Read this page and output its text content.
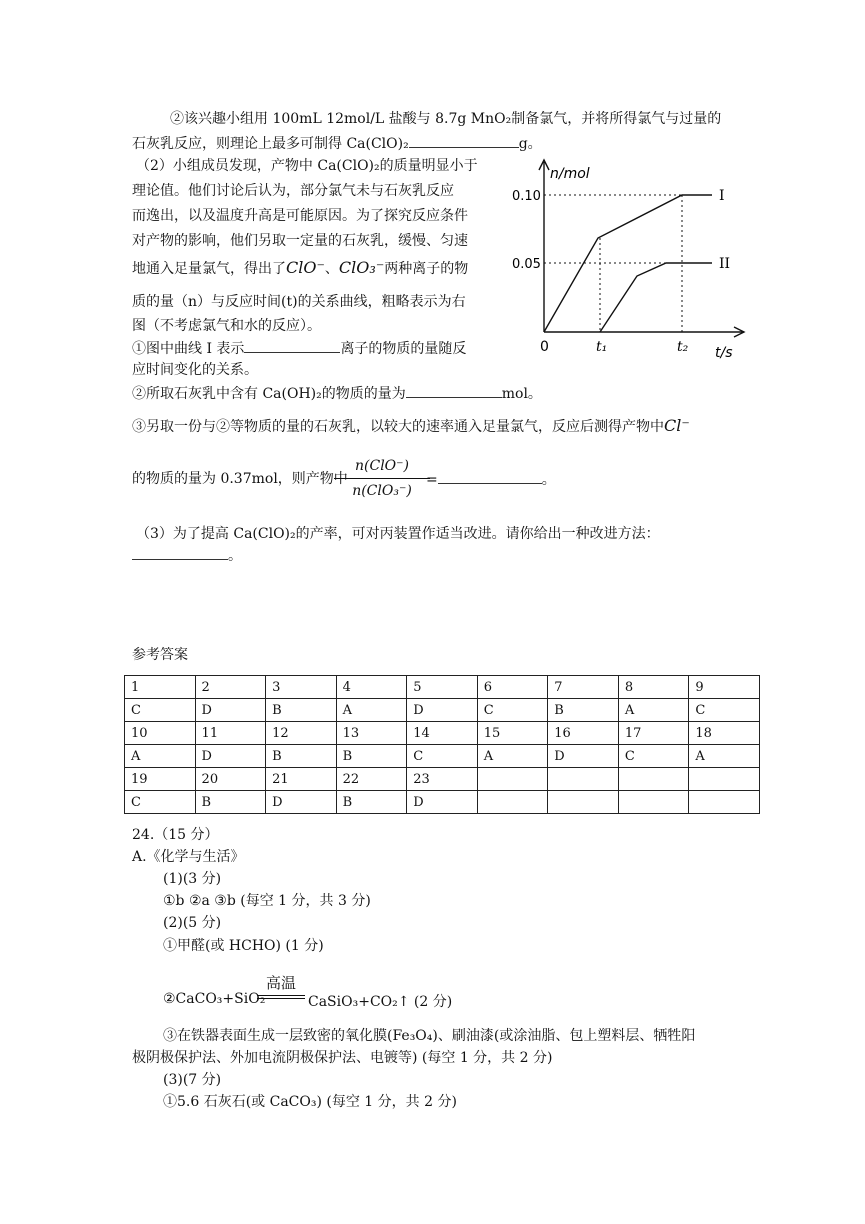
②该兴趣小组用 100mL 12mol/L 盐酸与 8.7g MnO₂制备氯气，并将所得氯气与过量的
石灰乳反应，则理论上最多可制得 Ca(ClO)₂	g。
（2）小组成员发现，产物中 Ca(ClO)₂的质量明显小于
理论值。他们讨论后认为，部分氯气未与石灰乳反应
而逸出，以及温度升高是可能原因。为了探究反应条件
对产物的影响，他们另取一定量的石灰乳，缓慢、匀速
地通入足量氯气，得出了ClO⁻、ClO₃⁻两种离子的物
质的量（n）与反应时间(t)的关系曲线，粗略表示为右
图（不考虑氯气和水的反应）。
①图中曲线 I 表示	离子的物质的量随反
应时间变化的关系。
②所取石灰乳中含有 Ca(OH)₂的物质的量为	mol。
③另取一份与②等物质的量的石灰乳，以较大的速率通入足量氯气，反应后测得产物中Cl⁻
的物质的量为 0.37mol，则产物中
n(ClO⁻)
n(ClO₃⁻)
=	。
（3）为了提高 Ca(ClO)₂的产率，可对丙装置作适当改进。请你给出一种改进方法：
。
n/mol
t/s
0
0.10
0.05
t₁	t₂
I
II
参考答案
1	2	3	4	5	6	7	8	9
C	D	B	A	D	C	B	A	C
10	11	12	13	14	15	16	17	18
A	D	B	B	C	A	D	C	A
19	20	21	22	23				
C	B	D	B	D				
24.（15 分）
A.《化学与生活》
(1)(3 分)
①b ②a ③b (每空 1 分，共 3 分)
(2)(5 分)
①甲醛(或 HCHO) (1 分)
高温
②CaCO₃+SiO₂	CaSiO₃+CO₂↑ (2 分)
③在铁器表面生成一层致密的氧化膜(Fe₃O₄)、刷油漆(或涂油脂、包上塑料层、牺牲阳
极阴极保护法、外加电流阴极保护法、电镀等) (每空 1 分，共 2 分)
(3)(7 分)
①5.6 石灰石(或 CaCO₃) (每空 1 分，共 2 分)
